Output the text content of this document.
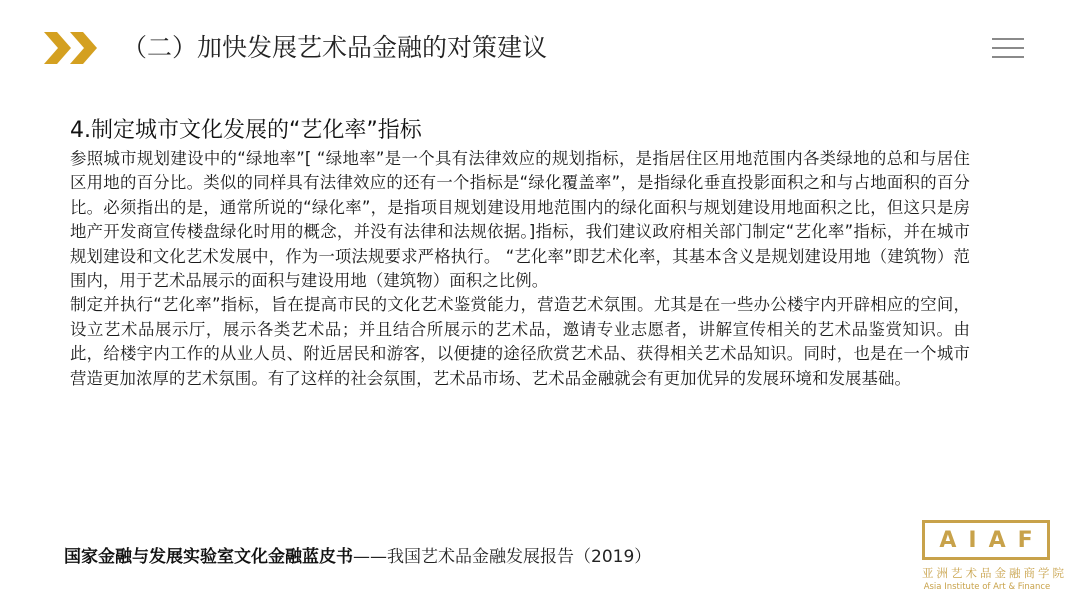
（二）加快发展艺术品金融的对策建议
4.制定城市文化发展的“艺化率”指标

参照城市规划建设中的“绿地率”[ “绿地率”是一个具有法律效应的规划指标，是指居住区用地范围内各类绿地的总和与居住区用地的百分比。类似的同样具有法律效应的还有一个指标是“绿化覆盖率”，是指绿化垂直投影面积之和与占地面积的百分比。必须指出的是，通常所说的“绿化率”，是指项目规划建设用地范围内的绿化面积与规划建设用地面积之比，但这只是房地产开发商宣传楼盘绿化时用的概念，并没有法律和法规依据。]指标，我们建议政府相关部门制定“艺化率”指标，并在城市规划建设和文化艺术发展中，作为一项法规要求严格执行。 “艺化率”即艺术化率，其基本含义是规划建设用地（建筑物）范围内，用于艺术品展示的面积与建设用地（建筑物）面积之比例。

制定并执行“艺化率”指标，旨在提高市民的文化艺术鉴赏能力，营造艺术氛围。尤其是在一些办公楼宇内开辟相应的空间，设立艺术品展示厅，展示各类艺术品；并且结合所展示的艺术品，邀请专业志愿者，讲解宣传相关的艺术品鉴赏知识。由此，给楼宇内工作的从业人员、附近居民和游客，以便捷的途径欣赏艺术品、获得相关艺术品知识。同时，也是在一个城市营造更加浓厚的艺术氛围。有了这样的社会氛围，艺术品市场、艺术品金融就会有更加优异的发展环境和发展基础。

国家金融与发展实验室文化金融蓝皮书——我国艺术品金融发展报告（2019）
AIAF
亚洲艺术品金融商学院
Asia Institute of Art & Finance
